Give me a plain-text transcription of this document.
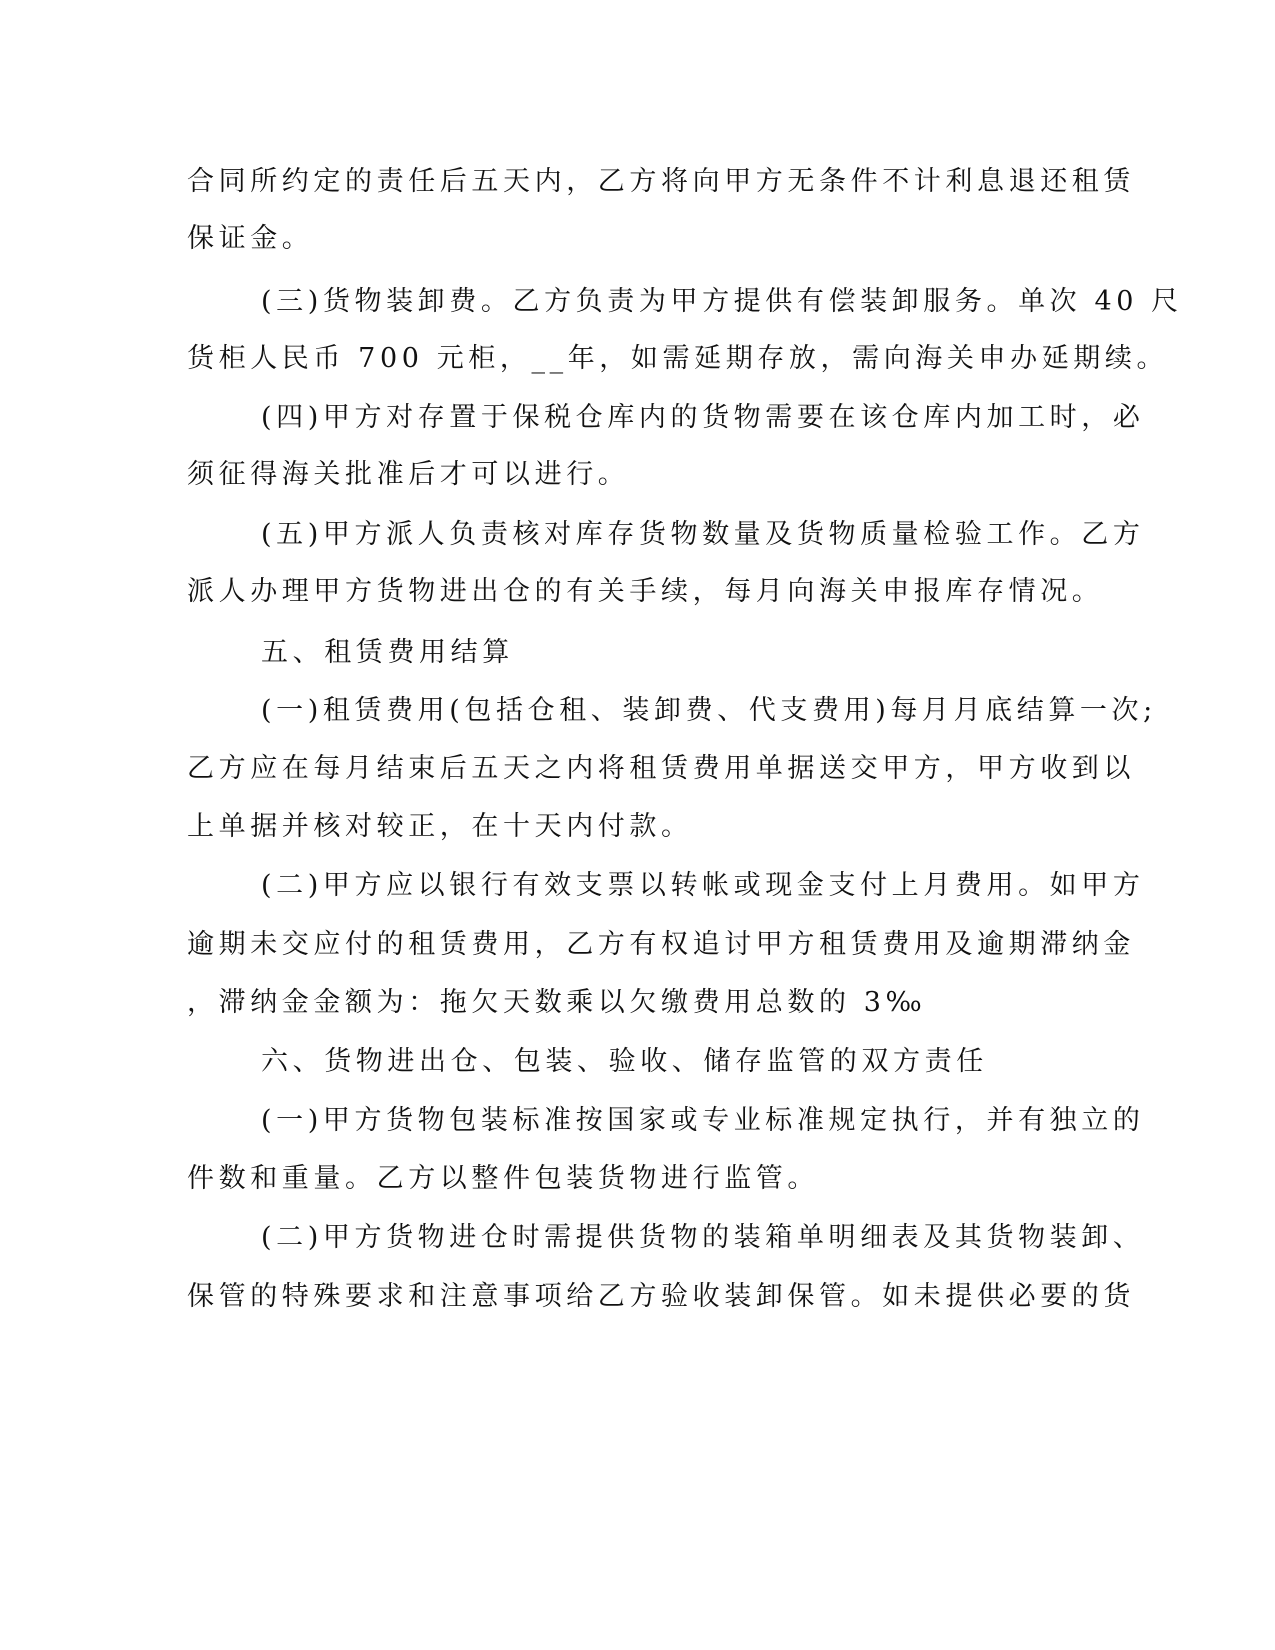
合同所约定的责任后五天内，乙方将向甲方无条件不计利息退还租赁
保证金。
(三)货物装卸费。乙方负责为甲方提供有偿装卸服务。单次 40 尺
货柜人民币 700 元柜，__年，如需延期存放，需向海关申办延期续。
(四)甲方对存置于保税仓库内的货物需要在该仓库内加工时，必
须征得海关批准后才可以进行。
(五)甲方派人负责核对库存货物数量及货物质量检验工作。乙方
派人办理甲方货物进出仓的有关手续，每月向海关申报库存情况。
五、租赁费用结算
(一)租赁费用(包括仓租、装卸费、代支费用)每月月底结算一次;
乙方应在每月结束后五天之内将租赁费用单据送交甲方，甲方收到以
上单据并核对较正，在十天内付款。
(二)甲方应以银行有效支票以转帐或现金支付上月费用。如甲方
逾期未交应付的租赁费用，乙方有权追讨甲方租赁费用及逾期滞纳金
，滞纳金金额为：拖欠天数乘以欠缴费用总数的 3‰
六、货物进出仓、包装、验收、储存监管的双方责任
(一)甲方货物包装标准按国家或专业标准规定执行，并有独立的
件数和重量。乙方以整件包装货物进行监管。
(二)甲方货物进仓时需提供货物的装箱单明细表及其货物装卸、
保管的特殊要求和注意事项给乙方验收装卸保管。如未提供必要的货
